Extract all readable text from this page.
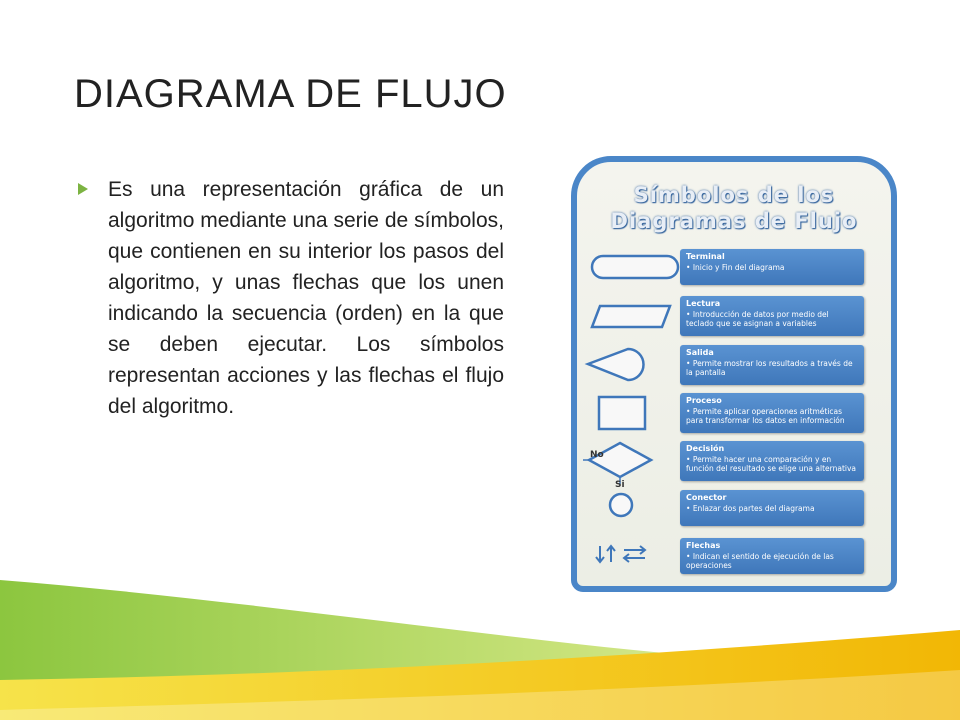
DIAGRAMA DE FLUJO
Es una representación gráfica de un algoritmo mediante una serie de símbolos, que contienen en su interior los pasos del algoritmo, y unas flechas que los unen indicando la secuencia (orden) en la que se deben ejecutar. Los símbolos representan acciones y las flechas el flujo del algoritmo.
Símbolos de los
Diagramas de Flujo
No
Si
Terminal
• Inicio y Fin del diagrama
Lectura
• Introducción de datos por medio del teclado que se asignan a variables
Salida
• Permite mostrar los resultados a través de la pantalla
Proceso
• Permite aplicar operaciones aritméticas para transformar los datos en información
Decisión
• Permite hacer una comparación y en función del resultado se elige una alternativa
Conector
• Enlazar dos partes del diagrama
Flechas
• Indican el sentido de ejecución de las operaciones
